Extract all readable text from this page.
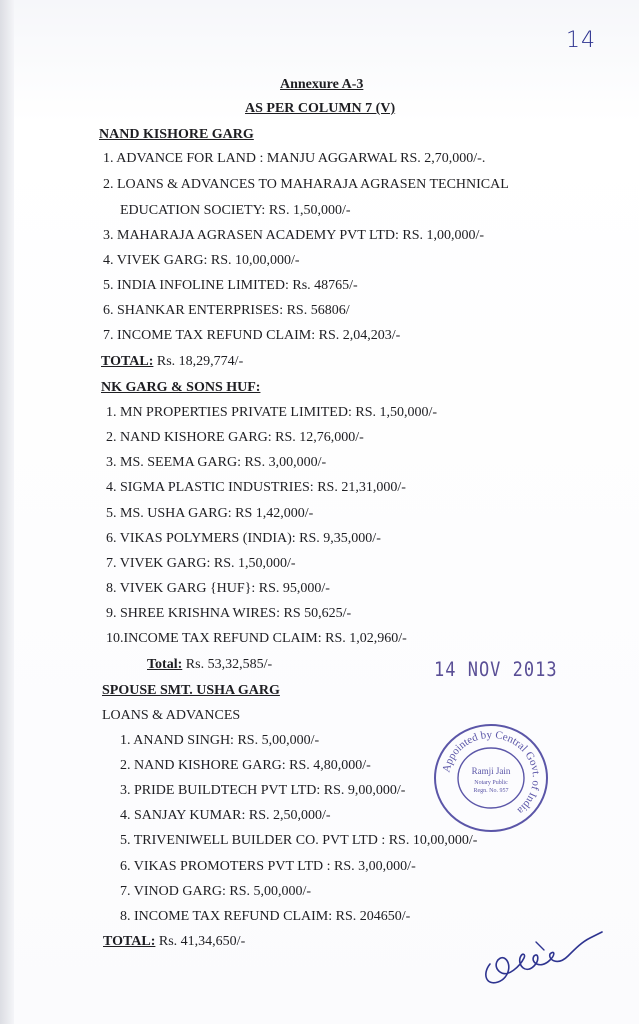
14
Annexure A-3
AS PER COLUMN 7 (V)
NAND KISHORE GARG
1. ADVANCE FOR LAND : MANJU AGGARWAL RS. 2,70,000/-.
2. LOANS & ADVANCES TO MAHARAJA AGRASEN TECHNICAL
EDUCATION SOCIETY: RS. 1,50,000/-
3. MAHARAJA AGRASEN ACADEMY PVT LTD: RS. 1,00,000/-
4. VIVEK GARG: RS. 10,00,000/-
5. INDIA INFOLINE LIMITED: Rs. 48765/-
6. SHANKAR ENTERPRISES: RS. 56806/
7. INCOME TAX REFUND CLAIM: RS. 2,04,203/-
TOTAL: Rs. 18,29,774/-
NK GARG & SONS HUF:
1. MN PROPERTIES PRIVATE LIMITED: RS. 1,50,000/-
2. NAND KISHORE GARG: RS. 12,76,000/-
3. MS. SEEMA GARG: RS. 3,00,000/-
4. SIGMA PLASTIC INDUSTRIES: RS. 21,31,000/-
5. MS. USHA GARG: RS 1,42,000/-
6. VIKAS POLYMERS (INDIA): RS. 9,35,000/-
7. VIVEK GARG: RS. 1,50,000/-
8. VIVEK GARG {HUF}: RS. 95,000/-
9. SHREE KRISHNA WIRES: RS 50,625/-
10.INCOME TAX REFUND CLAIM: RS. 1,02,960/-
Total: Rs. 53,32,585/-	14 NOV 2013
SPOUSE SMT. USHA GARG
LOANS & ADVANCES
1. ANAND SINGH: RS. 5,00,000/-
2. NAND KISHORE GARG: RS. 4,80,000/-
3. PRIDE BUILDTECH PVT LTD: RS. 9,00,000/-
4. SANJAY KUMAR: RS. 2,50,000/-
5. TRIVENIWELL BUILDER CO. PVT LTD : RS. 10,00,000/-
6. VIKAS PROMOTERS PVT LTD : RS. 3,00,000/-
7. VINOD GARG: RS. 5,00,000/-
8. INCOME TAX REFUND CLAIM: RS. 204650/-
TOTAL: Rs. 41,34,650/-
Appointed by Central Govt. of India
Ramji Jain
Notary Public
Regn. No. 957
